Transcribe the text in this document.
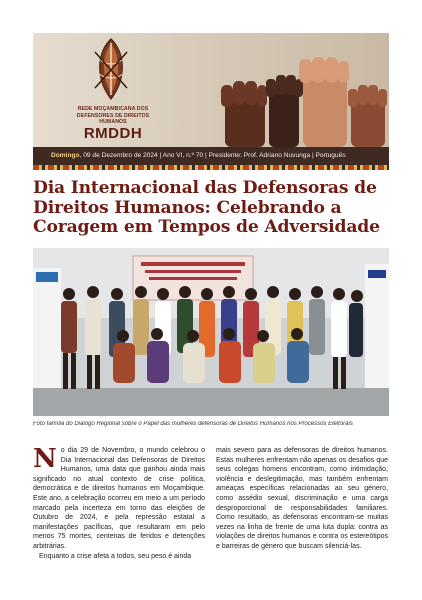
REDE MOÇAMBICANA DOS DEFENSORES DE DIREITOS HUMANOS
RMDDH
Domingo, 09 de Dezembro de 2024 | Ano VI, n.º 70 | Presidente: Prof. Adriano Nuvunga | Português
Dia Internacional das Defensoras de Direitos Humanos: Celebrando a Coragem em Tempos de Adversidade
Foto família do Diálogo Regional sobre o Papel das mulheres defensoras de Direitos Humanos nos Processos Eleitorais

No dia 29 de Novembro, o mundo celebrou o Dia Internacional das Defensoras de Direitos Humanos, uma data que ganhou ainda mais significado no atual contexto de crise política, democrática e de direitos humanos em Moçambique. Este ano, a celebração ocorreu em meio a um período marcado pela incerteza em torno das eleições de Outubro de 2024, e pela repressão estatal a manifestações pacíficas, que resultaram em pelo menos 75 mortes, centenas de feridos e detenções arbitrárias.

Enquanto a crise afeta a todos, seu peso é ainda

mais severo para as defensoras de direitos humanos. Estas mulheres enfrentam não apenas os desafios que seus colegas homens encontram, como intimidação, violência e deslegitimação, mas também enfrentam ameaças específicas relacionadas ao seu género, como assédio sexual, discriminação e uma carga desproporcional de responsabilidades familiares. Como resultado, as defensoras encontram-se muitas vezes na linha de frente de uma luta dupla: contra as violações de direitos humanos e contra os estereótipos e barreiras de género que buscam silenciá-las.
